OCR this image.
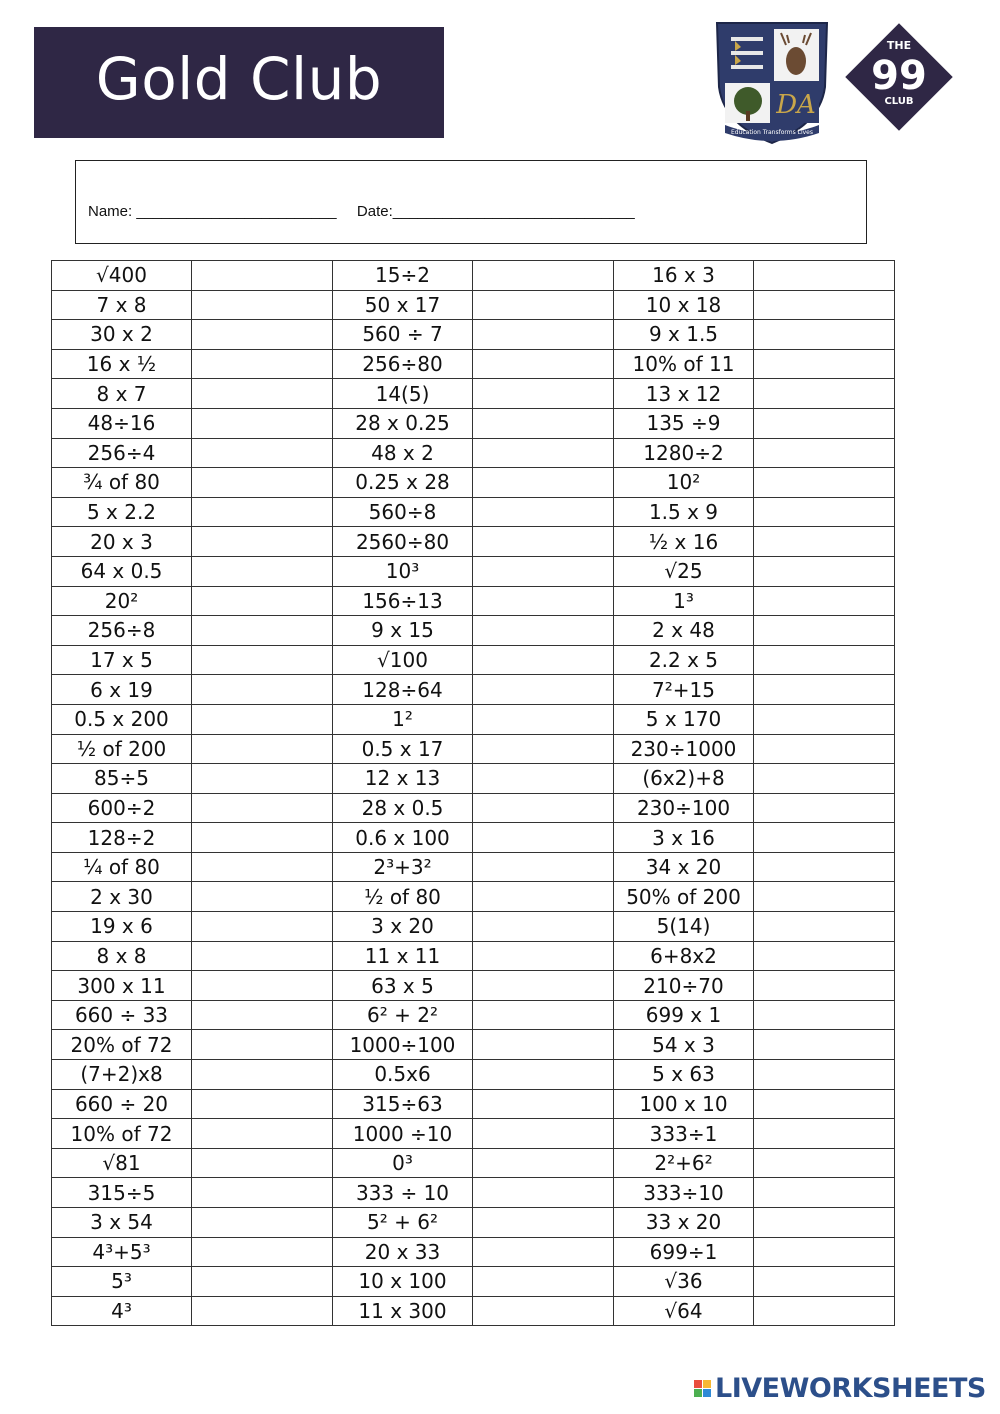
Gold Club	DA
Education Transforms Lives
THE
99
CLUB
Name: ________________________ Date:_____________________________
√400		15÷2		16 x 3	
7 x 8		50 x 17		10 x 18	
30 x 2		560 ÷ 7		9 x 1.5	
16 x ½		256÷80		10% of 11	
8 x 7		14(5)		13 x 12	
48÷16		28 x 0.25		135 ÷9	
256÷4		48 x 2		1280÷2	
¾ of 80		0.25 x 28		10²	
5 x 2.2		560÷8		1.5 x 9	
20 x 3		2560÷80		½ x 16	
64 x 0.5		10³		√25	
20²		156÷13		1³	
256÷8		9 x 15		2 x 48	
17 x 5		√100		2.2 x 5	
6 x 19		128÷64		7²+15	
0.5 x 200		1²		5 x 170	
½ of 200		0.5 x 17		230÷1000	
85÷5		12 x 13		(6x2)+8	
600÷2		28 x 0.5		230÷100	
128÷2		0.6 x 100		3 x 16	
¼ of 80		2³+3²		34 x 20	
2 x 30		½ of 80		50% of 200	
19 x 6		3 x 20		5(14)	
8 x 8		11 x 11		6+8x2	
300 x 11		63 x 5		210÷70	
660 ÷ 33		6² + 2²		699 x 1	
20% of 72		1000÷100		54 x 3	
(7+2)x8		0.5x6		5 x 63	
660 ÷ 20		315÷63		100 x 10	
10% of 72		1000 ÷10		333÷1	
√81		0³		2²+6²	
315÷5		333 ÷ 10		333÷10	
3 x 54		5² + 6²		33 x 20	
4³+5³		20 x 33		699÷1	
5³		10 x 100		√36	
4³		11 x 300		√64	
LIVEWORKSHEETS
